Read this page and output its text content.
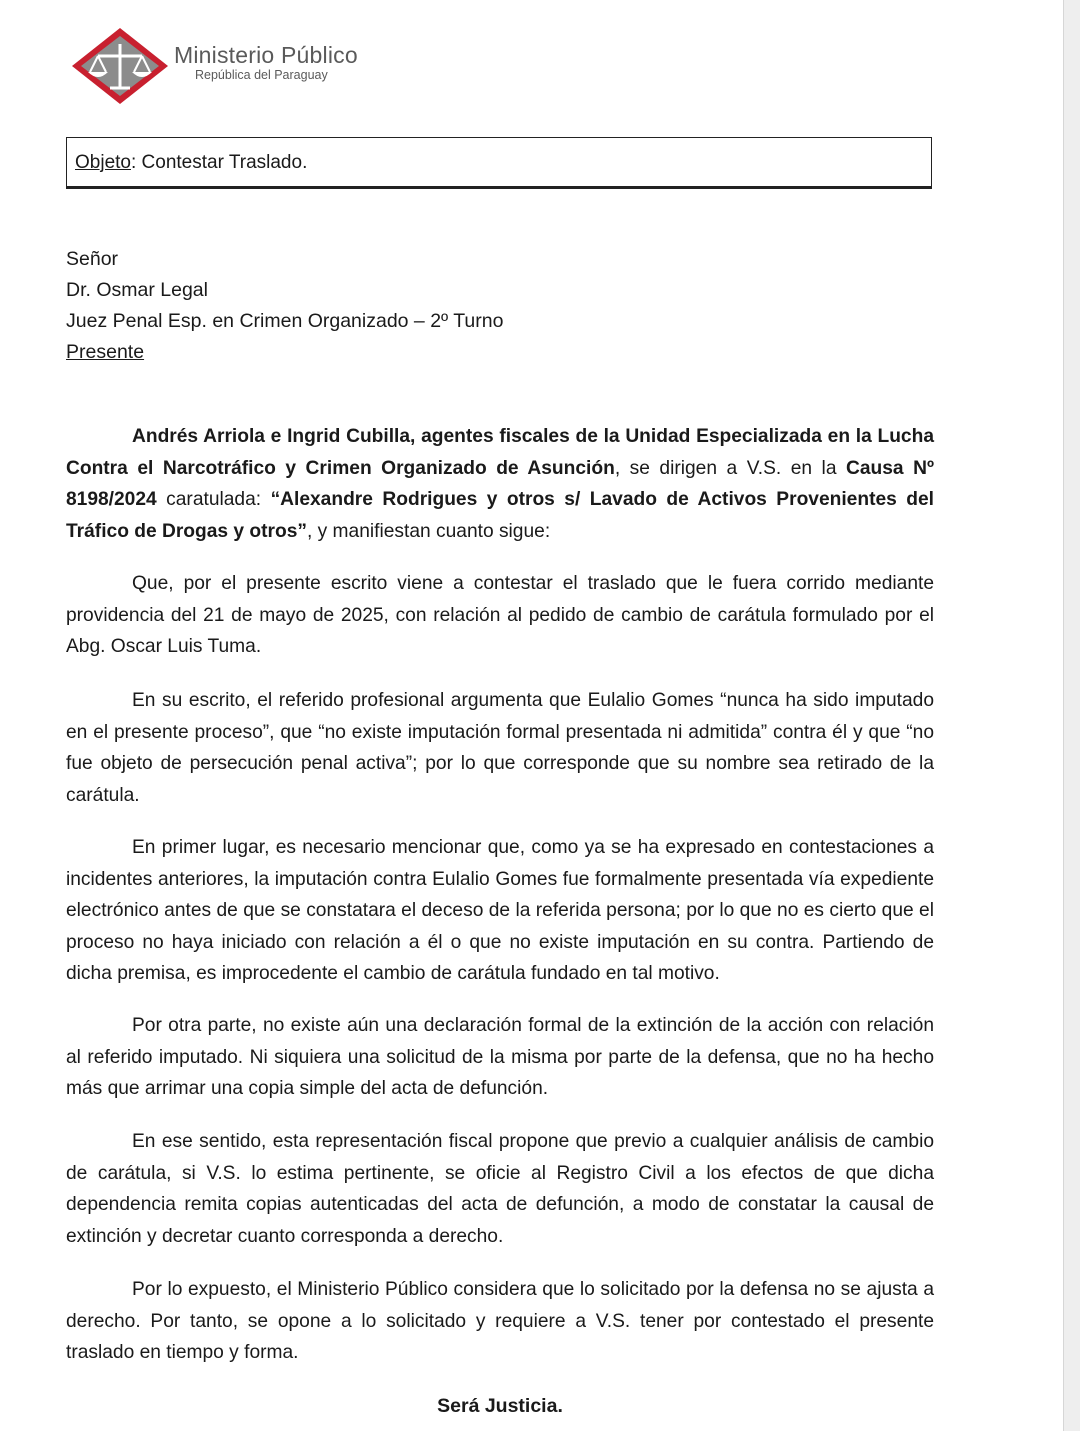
Ministerio Público
República del Paraguay
Objeto: Contestar Traslado.
Señor
Dr. Osmar Legal
Juez Penal Esp. en Crimen Organizado – 2º Turno
Presente

Andrés Arriola e Ingrid Cubilla, agentes fiscales de la Unidad Especializada en la Lucha Contra el Narcotráfico y Crimen Organizado de Asunción, se dirigen a V.S. en la Causa Nº 8198/2024 caratulada: “Alexandre Rodrigues y otros s/ Lavado de Activos Provenientes del Tráfico de Drogas y otros”, y manifiestan cuanto sigue:

Que, por el presente escrito viene a contestar el traslado que le fuera corrido mediante providencia del 21 de mayo de 2025, con relación al pedido de cambio de carátula formulado por el Abg. Oscar Luis Tuma.

En su escrito, el referido profesional argumenta que Eulalio Gomes “nunca ha sido imputado en el presente proceso”, que “no existe imputación formal presentada ni admitida” contra él y que “no fue objeto de persecución penal activa”; por lo que corresponde que su nombre sea retirado de la carátula.

En primer lugar, es necesario mencionar que, como ya se ha expresado en contestaciones a incidentes anteriores, la imputación contra Eulalio Gomes fue formalmente presentada vía expediente electrónico antes de que se constatara el deceso de la referida persona; por lo que no es cierto que el proceso no haya iniciado con relación a él o que no existe imputación en su contra. Partiendo de dicha premisa, es improcedente el cambio de carátula fundado en tal motivo.

Por otra parte, no existe aún una declaración formal de la extinción de la acción con relación al referido imputado. Ni siquiera una solicitud de la misma por parte de la defensa, que no ha hecho más que arrimar una copia simple del acta de defunción.

En ese sentido, esta representación fiscal propone que previo a cualquier análisis de cambio de carátula, si V.S. lo estima pertinente, se oficie al Registro Civil a los efectos de que dicha dependencia remita copias autenticadas del acta de defunción, a modo de constatar la causal de extinción y decretar cuanto corresponda a derecho.

Por lo expuesto, el Ministerio Público considera que lo solicitado por la defensa no se ajusta a derecho. Por tanto, se opone a lo solicitado y requiere a V.S. tener por contestado el presente traslado en tiempo y forma.

Será Justicia.
